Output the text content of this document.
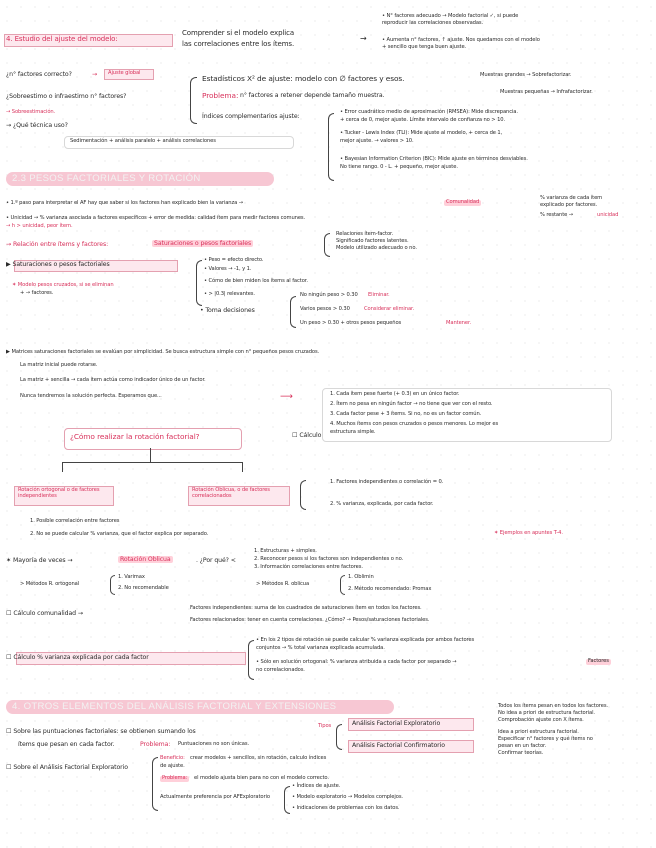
4. Estudio del ajuste del modelo:
Comprender si el modelo explica
las correlaciones entre los ítems.
→
• N° factores adecuado → Modelo factorial ✓, si puede
reproducir las correlaciones observadas.
• Aumenta n° factores, ↑ ajuste. Nos quedamos con el modelo
+ sencillo que tenga buen ajuste.
¿n° factores correcto?	→ Ajuste global
¿Sobreestimo o infraestimo n° factores?
→ Sobreestimación.
→ ¿Qué técnica uso?
Estadísticos X² de ajuste: modelo con ∅ factores y esos.	Muestras grandes → Sobrefactorizar.
Problema: n° factores a retener depende tamaño muestra.	Muestras pequeñas → Infrafactorizar.
Índices complementarios ajuste:
• Error cuadrático medio de aproximación (RMSEA): Mide discrepancia.
+ cerca de 0, mejor ajuste. Límite intervalo de confianza no > 10.
• Tucker - Lewis Index (TLI): Mide ajuste al modelo, + cerca de 1,
mejor ajuste. → valores > 10.
• Bayesian Information Criterion (BIC): Mide ajuste en términos desviables.
No tiene rango. 0 - L. + pequeño, mejor ajuste.
Sedimentación + análisis paralelo + análisis correlaciones
2.3 PESOS FACTORIALES Y ROTACIÓN
• 1.º paso para interpretar el AF hay que saber si los factores han explicado bien la varianza →	Comunalidad
% varianza de cada ítem
explicado por factores.
% restante →	unicidad
• Unicidad → % varianza asociada a factores específicos + error de medida: calidad ítem para medir factores comunes.
→ h > unicidad, peor ítem.
→ Relación entre ítems y factores:	Saturaciones o pesos factoriales
Relaciones ítem-factor.
Significado factores latentes.
Modelo utilizado adecuado o no.
▶ Saturaciones o pesos factoriales
• Peso = efecto directo.
• Valores → -1, y 1.
• Cómo de bien miden los ítems al factor.
• > |0.3| relevantes.
✶ Modelo pesos cruzados, si se eliminan
+ → factores.
• Toma decisiones
No ningún peso > 0.30 Eliminar.
Varios pesos > 0.30	Considerar eliminar.
Un peso > 0.30 + otros pesos pequeños	Mantener.
▶ Matrices saturaciones factoriales se evalúan por simplicidad. Se busca estructura simple con n° pequeños pesos cruzados.
La matriz inicial puede rotarse.
La matriz + sencilla → cada ítem actúa como indicador único de un factor.
Nunca tendremos la solución perfecta. Esperamos que...	⟶	1. Cada ítem pese fuerte (+ 0.3) en un único factor.
2. Ítem no pesa en ningún factor → no tiene que ver con el resto.
3. Cada factor pese + 3 ítems. Si no, no es un factor común.
4. Muchos ítems con pesos cruzados o pesos menores. Lo mejor es
estructura simple.
☐ Cálculo
¿Cómo realizar la rotación factorial?
Rotación ortogonal o de factores independientes
Rotación Oblicua, o de factores correlacionados
1. Factores independientes o correlación = 0.
2. % varianza, explicada, por cada factor.
1. Posible correlación entre factores
2. No se puede calcular % varianza, que el factor explica por separado.	✶ Ejemplos en apuntes T-4.
✶ Mayoría de veces →	Rotación Oblicua	. ¿Por qué? <
1. Estructuras + simples.
2. Reconocer pesos si los factores son independientes o no.
3. Información correlaciones entre factores.
> Métodos R. ortogonal
1. Varimax
2. No recomendable
> Métodos R. oblicua
1. Oblimin
2. Método recomendado: Promax
☐ Cálculo comunalidad →
Factores independientes: suma de los cuadrados de saturaciones ítem en todos los factores.
Factores relacionados: tener en cuenta correlaciones. ¿Cómo? → Pesos/saturaciones factoriales.
☐ Cálculo % varianza explicada por cada factor
• En los 2 tipos de rotación se puede calcular % varianza explicada por ambos factores
conjuntos → % total varianza explicada acumulada.
• Sólo en solución ortogonal: % varianza atribuida a cada factor por separado →	Factores
no correlacionados.
4. OTROS ELEMENTOS DEL ANÁLISIS FACTORIAL Y EXTENSIONES
☐ Sobre las puntuaciones factoriales: se obtienen sumando los
ítems que pesan en cada factor.	Problema: Puntuaciones no son únicas.
Tipos	Análisis Factorial Exploratorio
Análisis Factorial Confirmatorio
Todos los ítems pesan en todos los factores.
No idea a priori de estructura factorial.
Comprobación ajuste con X ítems.
Idea a priori estructura factorial.
Especificar n° factores y qué ítems no
pesan en un factor.
Confirmar teorías.
☐ Sobre el Análisis Factorial Exploratorio
Beneficio: crear modelos + sencillos, sin rotación, calculo índices
de ajuste.
Problema:	el modelo ajusta bien para no con el modelo correcto.
Actualmente preferencia por AFExploratorio
• Índices de ajuste.
• Modelo exploratorio → Modelos complejos.
• Indicaciones de problemas con los datos.
